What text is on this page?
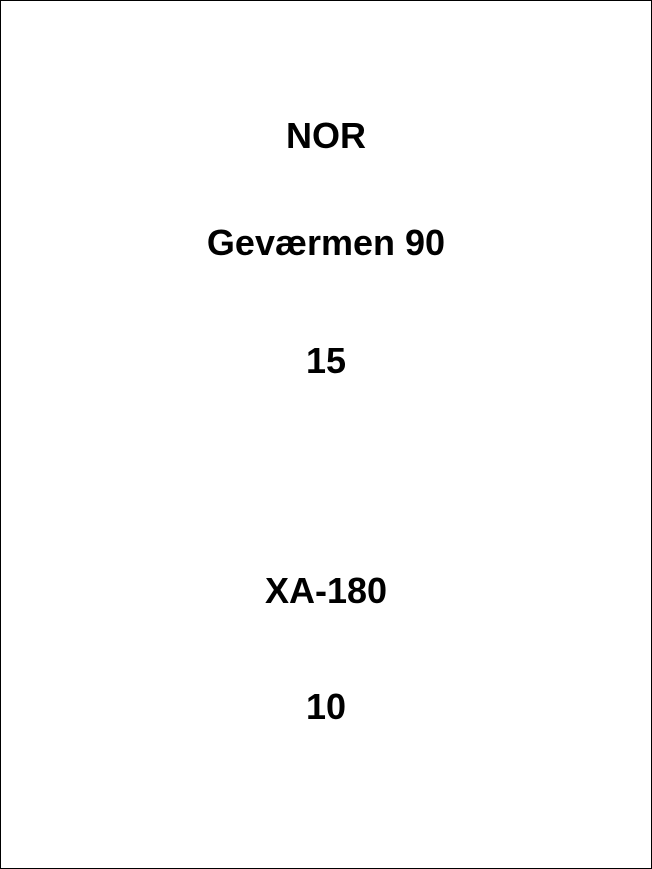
NOR
Geværmen 90
15
XA-180
10
